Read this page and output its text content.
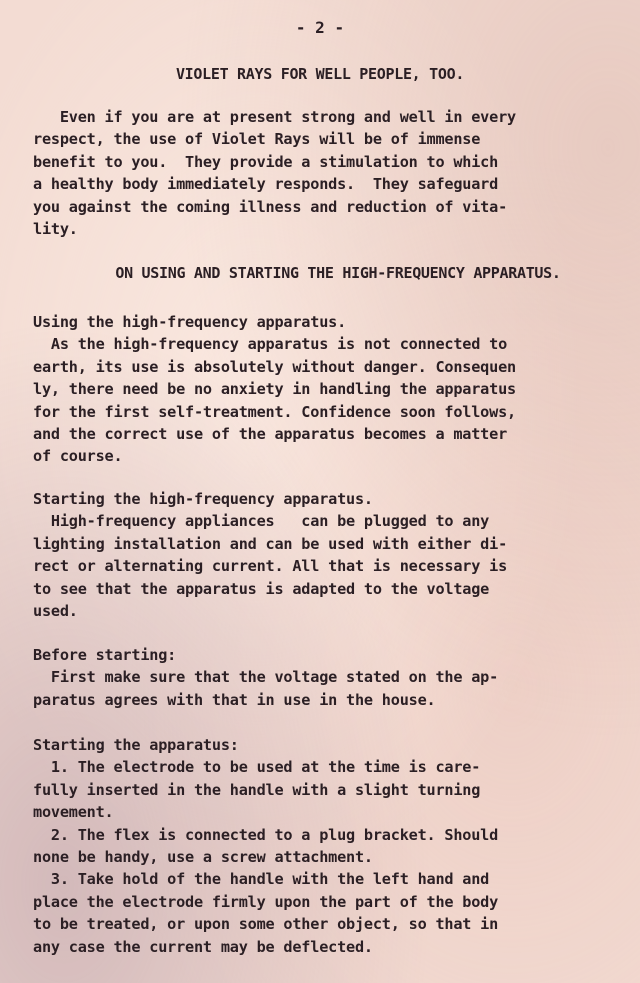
- 2 -
VIOLET RAYS FOR WELL PEOPLE, TOO.
Even if you are at present strong and well in every
respect, the use of Violet Rays will be of immense
benefit to you.  They provide a stimulation to which
a healthy body immediately responds.  They safeguard
you against the coming illness and reduction of vita-
lity.
ON USING AND STARTING THE HIGH-FREQUENCY APPARATUS.
Using the high-frequency apparatus.
As the high-frequency apparatus is not connected to
earth, its use is absolutely without danger. Consequen
ly, there need be no anxiety in handling the apparatus
for the first self-treatment. Confidence soon follows,
and the correct use of the apparatus becomes a matter
of course.
Starting the high-frequency apparatus.
High-frequency appliances   can be plugged to any
lighting installation and can be used with either di-
rect or alternating current. All that is necessary is
to see that the apparatus is adapted to the voltage
used.
Before starting:
First make sure that the voltage stated on the ap-
paratus agrees with that in use in the house.
Starting the apparatus:
1. The electrode to be used at the time is care-
fully inserted in the handle with a slight turning
movement.
2. The flex is connected to a plug bracket. Should
none be handy, use a screw attachment.
3. Take hold of the handle with the left hand and
place the electrode firmly upon the part of the body
to be treated, or upon some other object, so that in
any case the current may be deflected.
